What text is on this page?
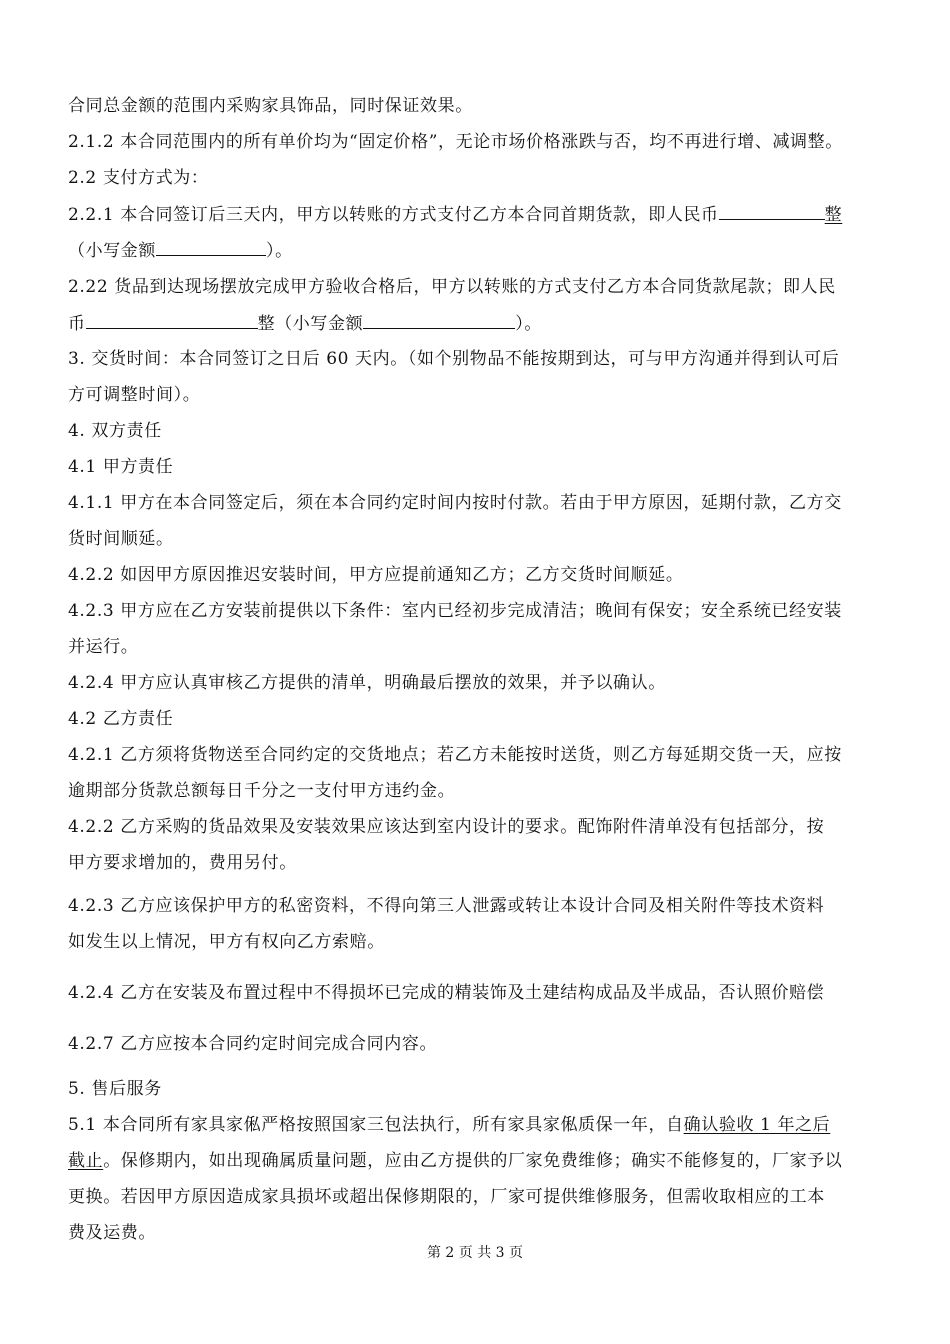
合同总金额的范围内采购家具饰品，同时保证效果。
2.1.2 本合同范围内的所有单价均为“固定价格”，无论市场价格涨跌与否，均不再进行增、减调整。
2.2 支付方式为：
2.2.1 本合同签订后三天内，甲方以转账的方式支付乙方本合同首期货款，即人民币	整
（小写金额	）。
2.22 货品到达现场摆放完成甲方验收合格后，甲方以转账的方式支付乙方本合同货款尾款；即人民
币	整（小写金额	）。
3. 交货时间：本合同签订之日后 60 天内。（如个别物品不能按期到达，可与甲方沟通并得到认可后
方可调整时间）。
4. 双方责任
4.1 甲方责任
4.1.1 甲方在本合同签定后，须在本合同约定时间内按时付款。若由于甲方原因，延期付款，乙方交
货时间顺延。
4.2.2 如因甲方原因推迟安装时间，甲方应提前通知乙方；乙方交货时间顺延。
4.2.3 甲方应在乙方安装前提供以下条件：室内已经初步完成清洁；晚间有保安；安全系统已经安装
并运行。
4.2.4 甲方应认真审核乙方提供的清单，明确最后摆放的效果，并予以确认。
4.2 乙方责任
4.2.1 乙方须将货物送至合同约定的交货地点；若乙方未能按时送货，则乙方每延期交货一天，应按
逾期部分货款总额每日千分之一支付甲方违约金。
4.2.2 乙方采购的货品效果及安装效果应该达到室内设计的要求。配饰附件清单没有包括部分，按
甲方要求增加的，费用另付。
4.2.3 乙方应该保护甲方的私密资料，不得向第三人泄露或转让本设计合同及相关附件等技术资料
如发生以上情况，甲方有权向乙方索赔。
4.2.4 乙方在安装及布置过程中不得损坏已完成的精装饰及土建结构成品及半成品，否认照价赔偿
4.2.7 乙方应按本合同约定时间完成合同内容。
5. 售后服务
5.1 本合同所有家具家俬严格按照国家三包法执行，所有家具家俬质保一年，自确认验收 1 年之后
截止。保修期内，如出现确属质量问题，应由乙方提供的厂家免费维修；确实不能修复的，厂家予以
更换。若因甲方原因造成家具损坏或超出保修期限的，厂家可提供维修服务，但需收取相应的工本
费及运费。
第 2 页 共 3 页
